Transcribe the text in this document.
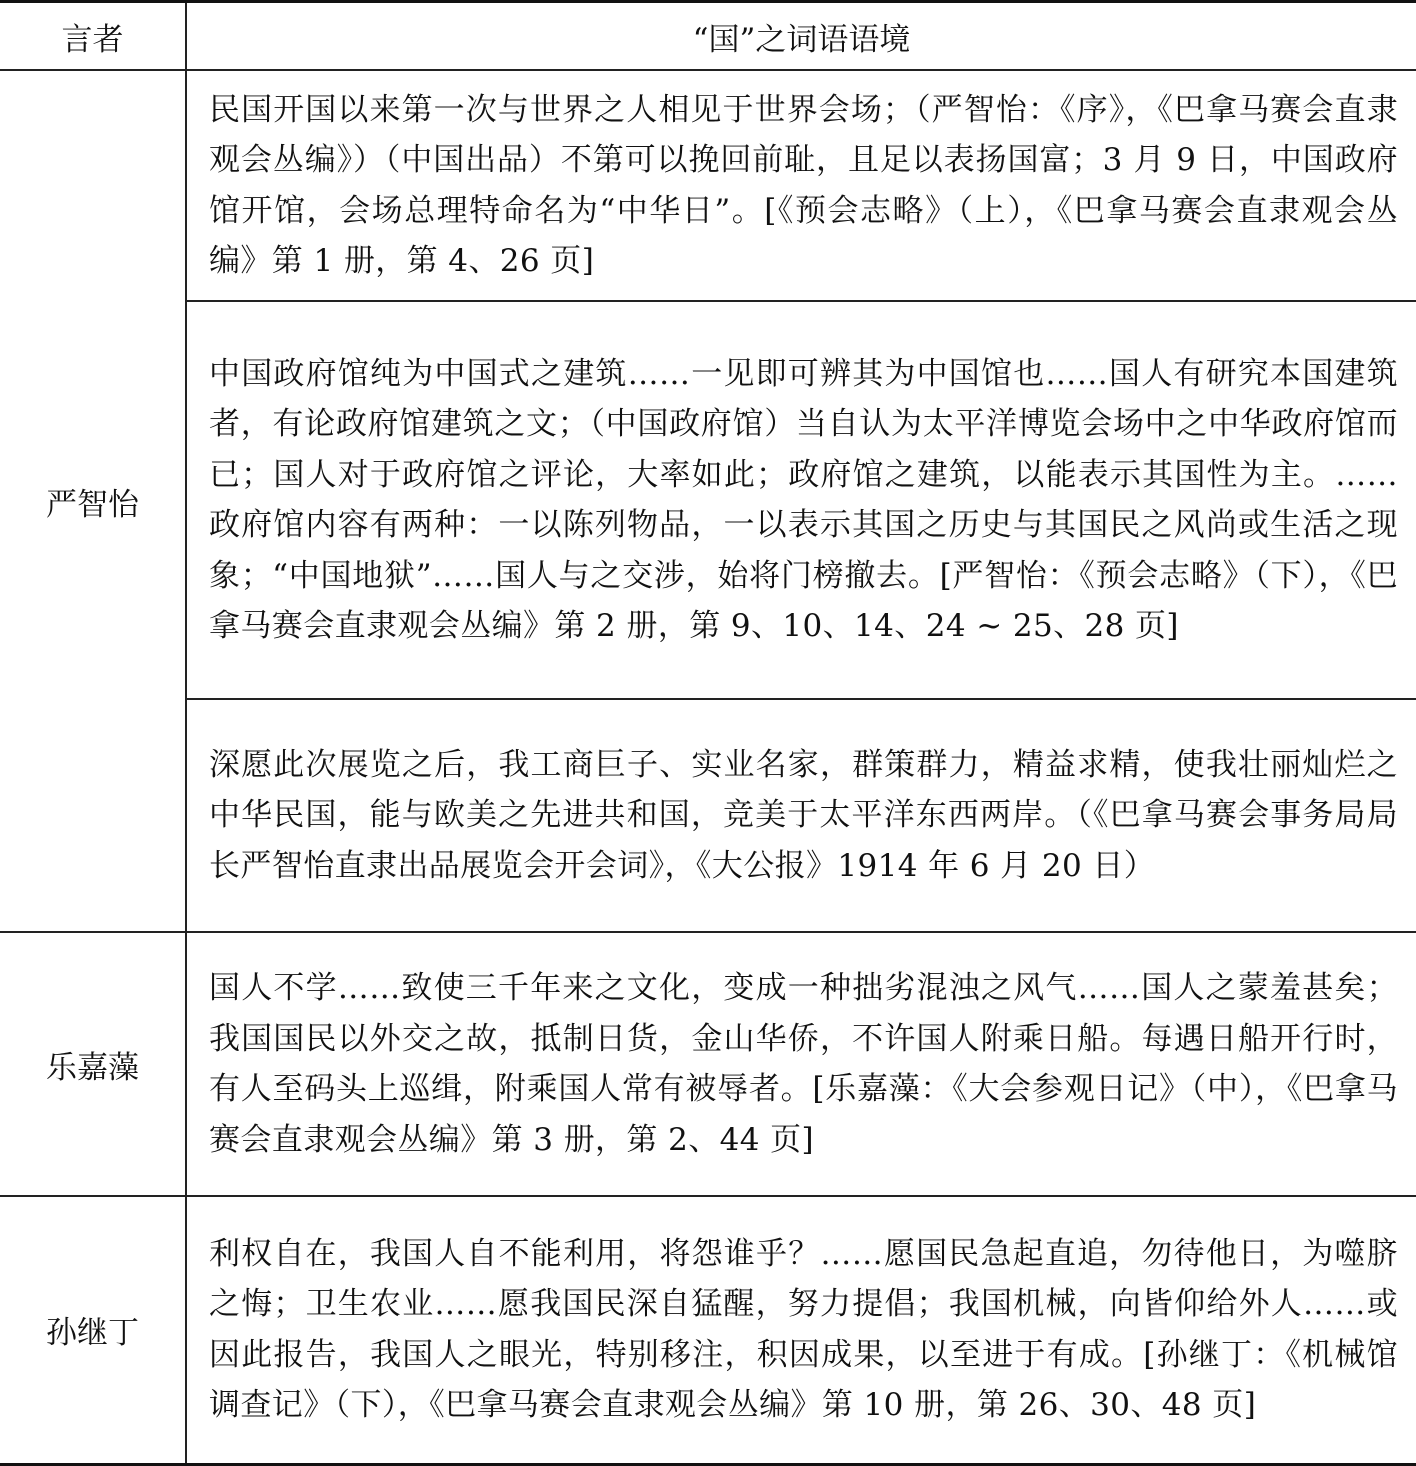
言者	“国”之词语语境
严智怡	民国开国以来第一次与世界之人相见于世界会场；（严智怡：《序》，《巴拿马赛会直隶观会丛编》）（中国出品）不第可以挽回前耻，且足以表扬国富；3 月 9 日，中国政府馆开馆，会场总理特命名为“中华日”。[《预会志略》（上），《巴拿马赛会直隶观会丛编》第 1 册，第 4、26 页]
	中国政府馆纯为中国式之建筑……一见即可辨其为中国馆也……国人有研究本国建筑者，有论政府馆建筑之文；（中国政府馆）当自认为太平洋博览会场中之中华政府馆而已；国人对于政府馆之评论，大率如此；政府馆之建筑，以能表示其国性为主。……政府馆内容有两种：一以陈列物品，一以表示其国之历史与其国民之风尚或生活之现象；“中国地狱”……国人与之交涉，始将门榜撤去。[严智怡：《预会志略》（下），《巴拿马赛会直隶观会丛编》第 2 册，第 9、10、14、24 ~ 25、28 页]
	深愿此次展览之后，我工商巨子、实业名家，群策群力，精益求精，使我壮丽灿烂之中华民国，能与欧美之先进共和国，竞美于太平洋东西两岸。（《巴拿马赛会事务局局长严智怡直隶出品展览会开会词》，《大公报》1914 年 6 月 20 日）
乐嘉藻	国人不学……致使三千年来之文化，变成一种拙劣混浊之风气……国人之蒙羞甚矣；我国国民以外交之故，抵制日货，金山华侨，不许国人附乘日船。每遇日船开行时，有人至码头上巡缉，附乘国人常有被辱者。[乐嘉藻：《大会参观日记》（中），《巴拿马赛会直隶观会丛编》第 3 册，第 2、44 页]
孙继丁	利权自在，我国人自不能利用，将怨谁乎？……愿国民急起直追，勿待他日，为噬脐之悔；卫生农业……愿我国民深自猛醒，努力提倡；我国机械，向皆仰给外人……或因此报告，我国人之眼光，特别移注，积因成果，以至进于有成。[孙继丁：《机械馆调查记》（下），《巴拿马赛会直隶观会丛编》第 10 册，第 26、30、48 页]
